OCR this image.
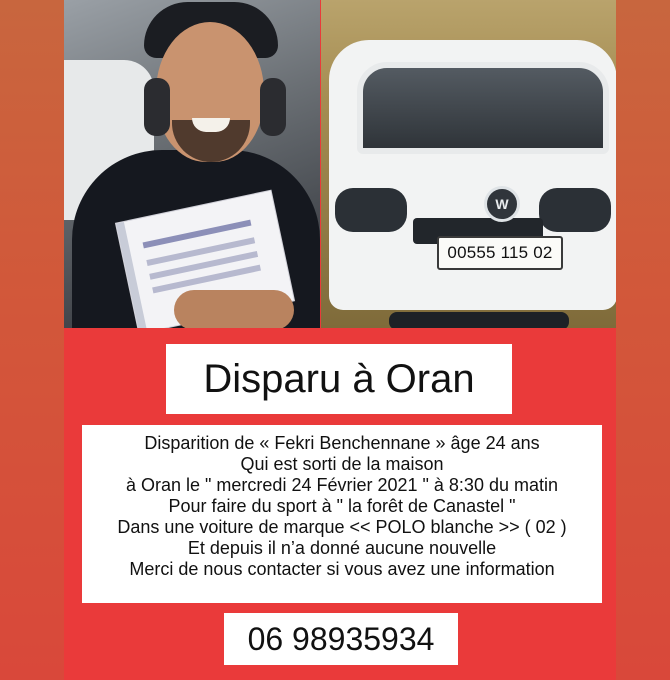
W
00555 115 02
Disparu à Oran
Disparition de « Fekri Benchennane » âge 24 ans
Qui est sorti de la maison
à Oran le " mercredi 24 Février 2021 " à 8:30 du matin
Pour faire du sport à " la forêt de Canastel "
Dans une voiture de marque << POLO blanche >> ( 02 )
Et depuis il n’a donné aucune nouvelle
Merci de nous contacter si vous avez une information
06 98935934
